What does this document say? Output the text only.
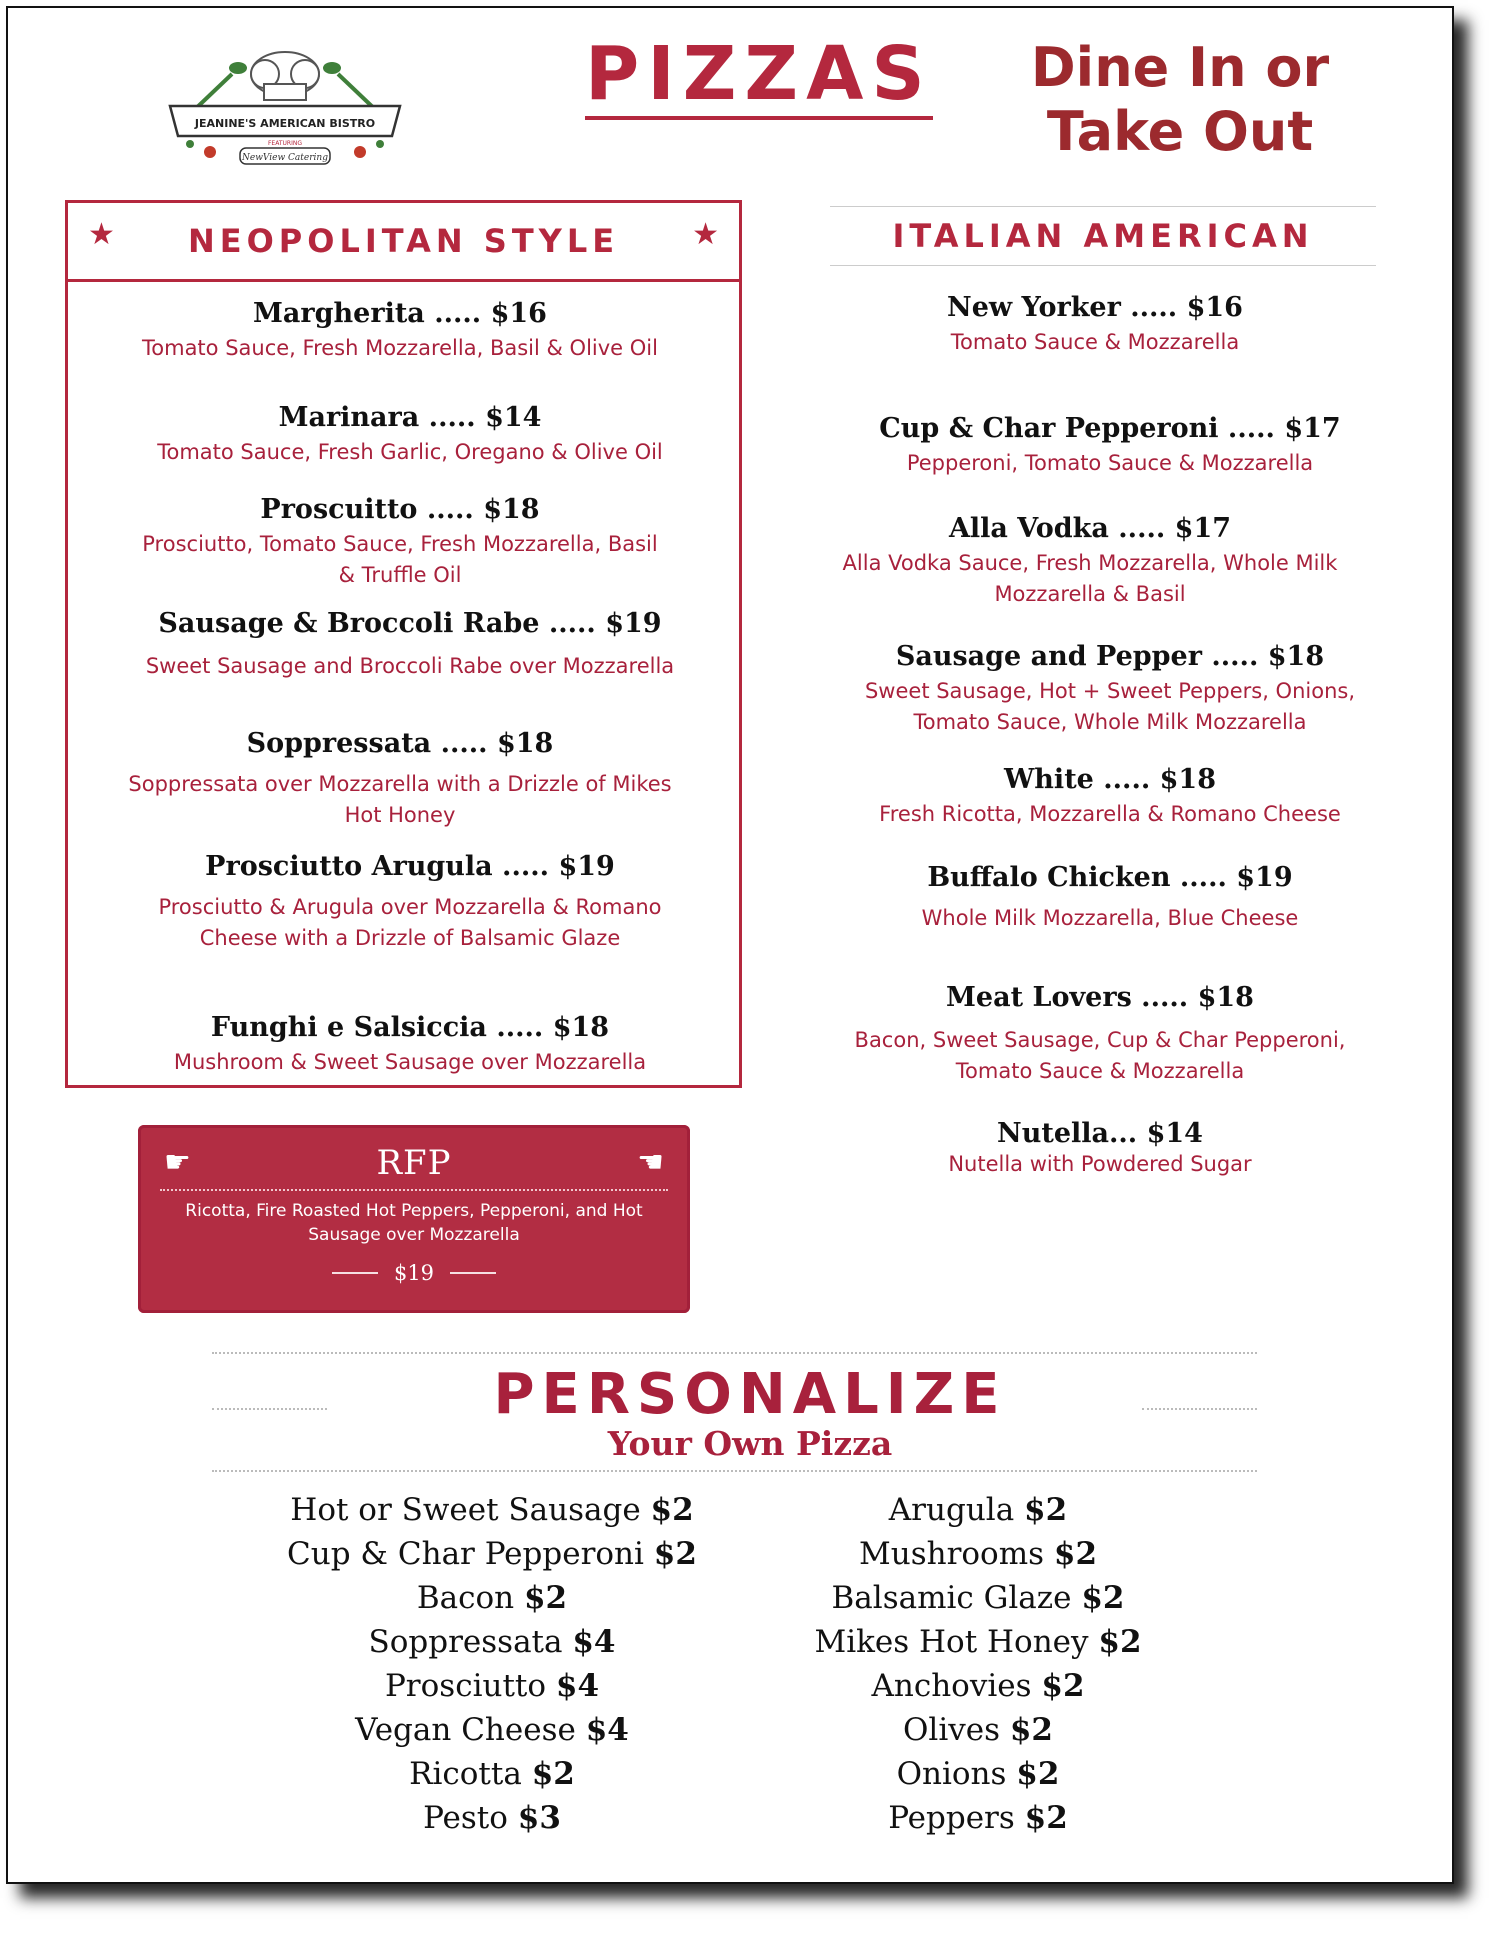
JEANINE'S AMERICAN BISTRO
FEATURING
NewView Catering
PIZZAS Dine In or
Take Out
★ NEOPOLITAN STYLE ★
Margherita ..... $16
Tomato Sauce, Fresh Mozzarella, Basil & Olive Oil
Marinara ..... $14
Tomato Sauce, Fresh Garlic, Oregano & Olive Oil
Proscuitto ..... $18
Prosciutto, Tomato Sauce, Fresh Mozzarella, Basil & Truffle Oil
Sausage & Broccoli Rabe ..... $19
Sweet Sausage and Broccoli Rabe over Mozzarella
Soppressata ..... $18
Soppressata over Mozzarella with a Drizzle of Mikes Hot Honey
Prosciutto Arugula ..... $19
Prosciutto & Arugula over Mozzarella & Romano Cheese with a Drizzle of Balsamic Glaze
Funghi e Salsiccia ..... $18
Mushroom & Sweet Sausage over Mozzarella
ITALIAN AMERICAN
New Yorker ..... $16
Tomato Sauce & Mozzarella
Cup & Char Pepperoni ..... $17
Pepperoni, Tomato Sauce & Mozzarella
Alla Vodka ..... $17
Alla Vodka Sauce, Fresh Mozzarella, Whole Milk Mozzarella & Basil
Sausage and Pepper ..... $18
Sweet Sausage, Hot + Sweet Peppers, Onions, Tomato Sauce, Whole Milk Mozzarella
White ..... $18
Fresh Ricotta, Mozzarella & Romano Cheese
Buffalo Chicken ..... $19
Whole Milk Mozzarella, Blue Cheese
Meat Lovers ..... $18
Bacon, Sweet Sausage, Cup & Char Pepperoni, Tomato Sauce & Mozzarella
Nutella... $14
Nutella with Powdered Sugar
☛	☚
RFP
Ricotta, Fire Roasted Hot Peppers, Pepperoni, and Hot Sausage over Mozzarella
$19
PERSONALIZE
Your Own Pizza
Hot or Sweet Sausage $2
Cup & Char Pepperoni $2
Bacon $2
Soppressata $4
Prosciutto $4
Vegan Cheese $4
Ricotta $2
Pesto $3
Arugula $2
Mushrooms $2
Balsamic Glaze $2
Mikes Hot Honey $2
Anchovies $2
Olives $2
Onions $2
Peppers $2
